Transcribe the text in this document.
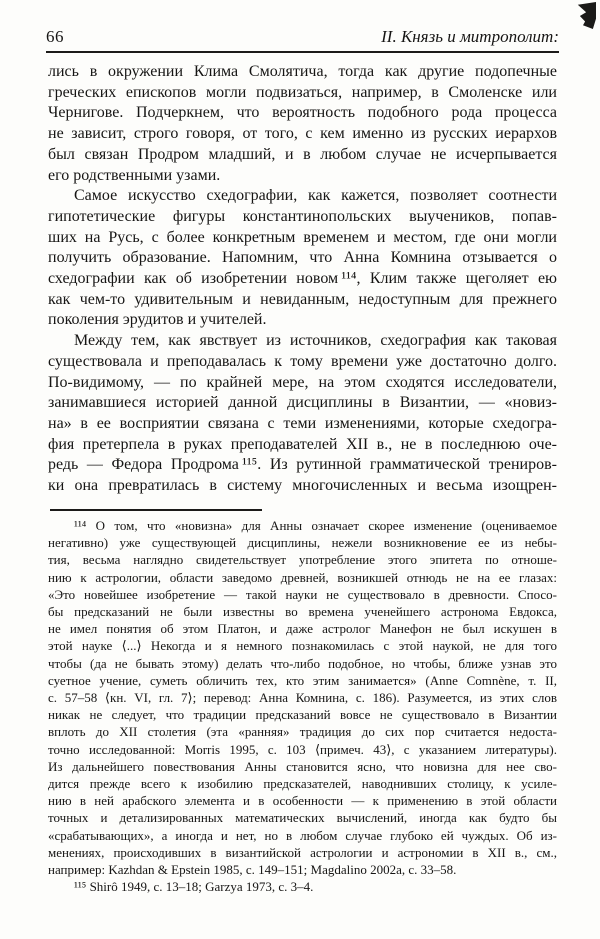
66	II. Князь и митрополит:
лись в окружении Клима Смолятича, тогда как другие подопечные
греческих епископов могли подвизаться, например, в Смоленске или
Чернигове. Подчеркнем, что вероятность подобного рода процесса
не зависит, строго говоря, от того, с кем именно из русских иерархов
был связан Продром младший, и в любом случае не исчерпывается
его родственными узами.
Самое искусство схедографии, как кажется, позволяет соотнести
гипотетические фигуры константинопольских выучеников, попав-
ших на Русь, с более конкретным временем и местом, где они могли
получить образование. Напомним, что Анна Комнина отзывается о
схедографии как об изобретении новом ¹¹⁴, Клим также щеголяет ею
как чем-то удивительным и невиданным, недоступным для прежнего
поколения эрудитов и учителей.
Между тем, как явствует из источников, схедография как таковая
существовала и преподавалась к тому времени уже достаточно долго.
По-видимому, — по крайней мере, на этом сходятся исследователи,
занимавшиеся историей данной дисциплины в Византии, — «новиз-
на» в ее восприятии связана с теми изменениями, которые схедогра-
фия претерпела в руках преподавателей XII в., не в последнюю оче-
редь — Федора Продрома ¹¹⁵. Из рутинной грамматической трениров-
ки она превратилась в систему многочисленных и весьма изощрен-
¹¹⁴ О том, что «новизна» для Анны означает скорее изменение (оцениваемое
негативно) уже существующей дисциплины, нежели возникновение ее из небы-
тия, весьма наглядно свидетельствует употребление этого эпитета по отноше-
нию к астрологии, области заведомо древней, возникшей отнюдь не на ее глазах:
«Это новейшее изобретение — такой науки не существовало в древности. Спосо-
бы предсказаний не были известны во времена ученейшего астронома Евдокса,
не имел понятия об этом Платон, и даже астролог Манефон не был искушен в
этой науке ⟨...⟩ Некогда и я немного познакомилась с этой наукой, не для того
чтобы (да не бывать этому) делать что-либо подобное, но чтобы, ближе узнав это
суетное учение, суметь обличить тех, кто этим занимается» (Anne Comnène, т. II,
с. 57–58 ⟨кн. VI, гл. 7⟩; перевод: Анна Комнина, с. 186). Разумеется, из этих слов
никак не следует, что традиции предсказаний вовсе не существовало в Византии
вплоть до XII столетия (эта «ранняя» традиция до сих пор считается недоста-
точно исследованной: Morris 1995, с. 103 ⟨примеч. 43⟩, с указанием литературы).
Из дальнейшего повествования Анны становится ясно, что новизна для нее сво-
дится прежде всего к изобилию предсказателей, наводнивших столицу, к усиле-
нию в ней арабского элемента и в особенности — к применению в этой области
точных и детализированных математических вычислений, иногда как будто бы
«срабатывающих», а иногда и нет, но в любом случае глубоко ей чуждых. Об из-
менениях, происходивших в византийской астрологии и астрономии в XII в., см.,
например: Kazhdan & Epstein 1985, с. 149–151; Magdalino 2002а, с. 33–58.
¹¹⁵ Shirô 1949, с. 13–18; Garzya 1973, с. 3–4.
